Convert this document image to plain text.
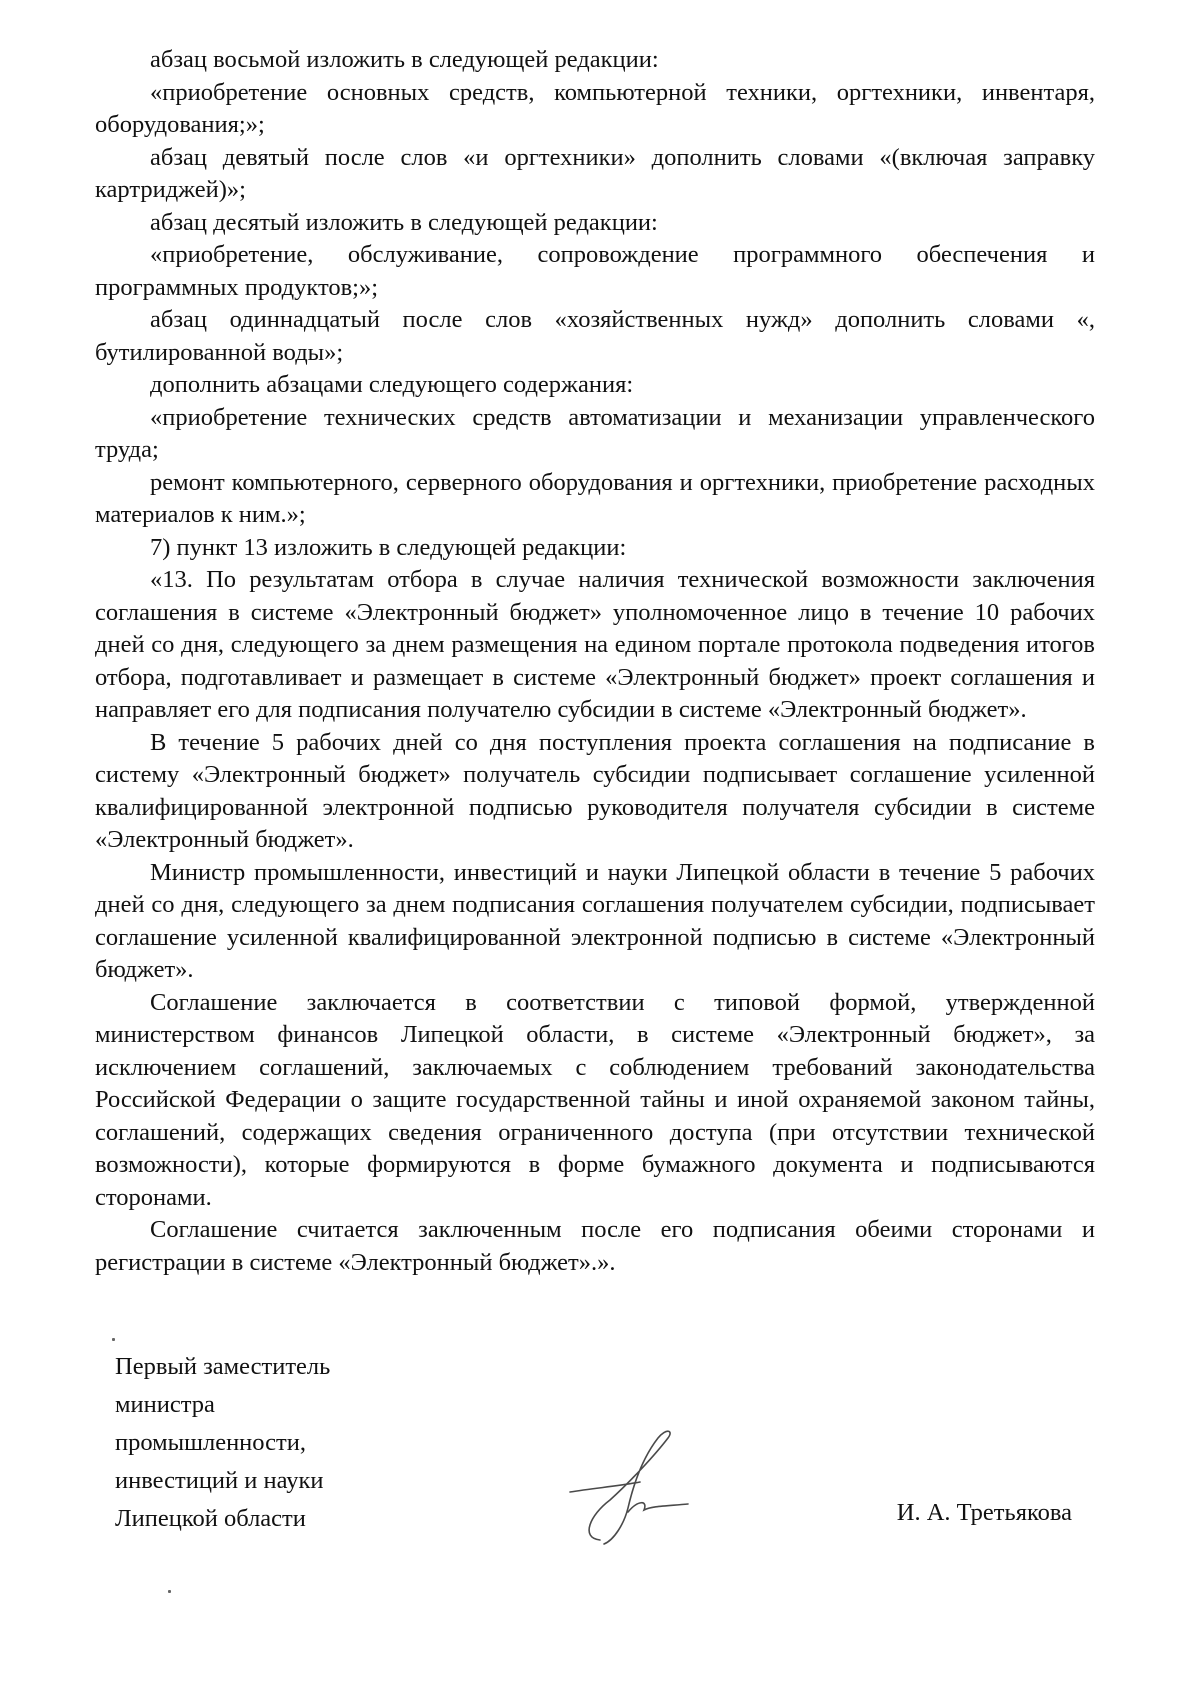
абзац восьмой изложить в следующей редакции:

«приобретение основных средств, компьютерной техники, оргтехники, инвентаря, оборудования;»;

абзац девятый после слов «и оргтехники» дополнить словами «(включая заправку картриджей)»;

абзац десятый изложить в следующей редакции:

«приобретение, обслуживание, сопровождение программного обеспечения и программных продуктов;»;

абзац одиннадцатый после слов «хозяйственных нужд» дополнить словами «, бутилированной воды»;

дополнить абзацами следующего содержания:

«приобретение технических средств автоматизации и механизации управленческого труда;

ремонт компьютерного, серверного оборудования и оргтехники, приобретение расходных материалов к ним.»;

7) пункт 13 изложить в следующей редакции:

«13. По результатам отбора в случае наличия технической возможности заключения соглашения в системе «Электронный бюджет» уполномоченное лицо в течение 10 рабочих дней со дня, следующего за днем размещения на едином портале протокола подведения итогов отбора, подготавливает и размещает в системе «Электронный бюджет» проект соглашения и направляет его для подписания получателю субсидии в системе «Электронный бюджет».

В течение 5 рабочих дней со дня поступления проекта соглашения на подписание в систему «Электронный бюджет» получатель субсидии подписывает соглашение усиленной квалифицированной электронной подписью руководителя получателя субсидии в системе «Электронный бюджет».

Министр промышленности, инвестиций и науки Липецкой области в течение 5 рабочих дней со дня, следующего за днем подписания соглашения получателем субсидии, подписывает соглашение усиленной квалифицированной электронной подписью в системе «Электронный бюджет».

Соглашение заключается в соответствии с типовой формой, утвержденной министерством финансов Липецкой области, в системе «Электронный бюджет», за исключением соглашений, заключаемых с соблюдением требований законодательства Российской Федерации о защите государственной тайны и иной охраняемой законом тайны, соглашений, содержащих сведения ограниченного доступа (при отсутствии технической возможности), которые формируются в форме бумажного документа и подписываются сторонами.

Соглашение считается заключенным после его подписания обеими сторонами и регистрации в системе «Электронный бюджет».».

Первый заместитель
министра
промышленности,
инвестиций и науки
Липецкой области	И. А. Третьякова
